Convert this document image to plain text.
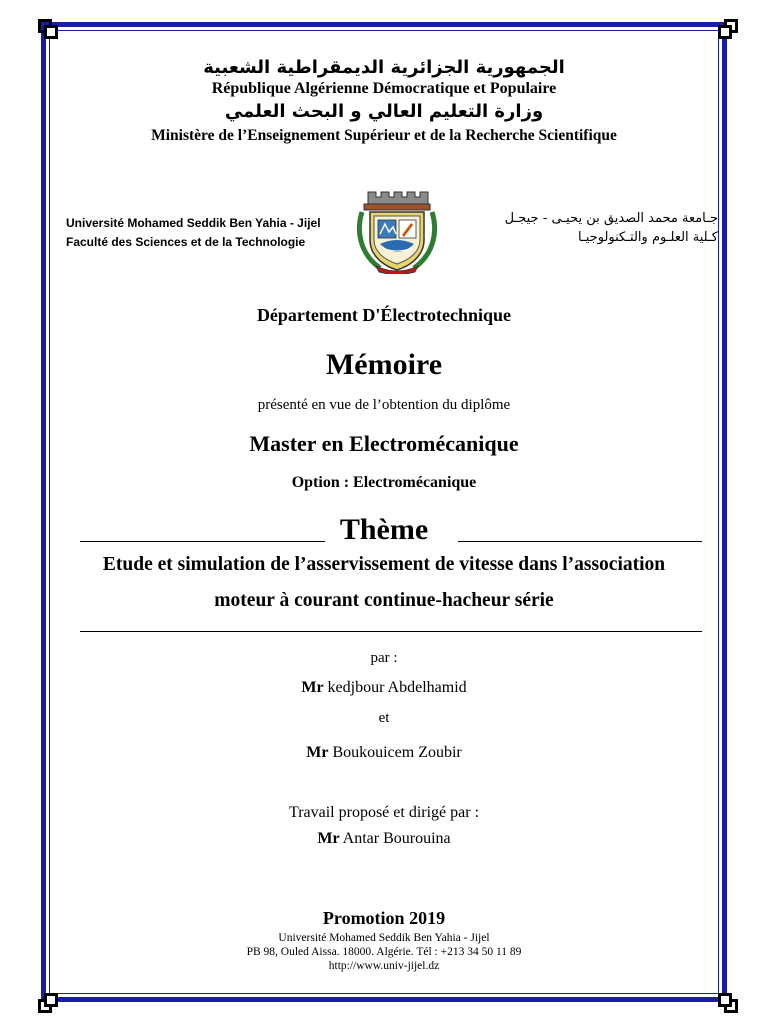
الجمهورية الجزائرية الديمقراطية الشعبية
République Algérienne Démocratique et Populaire
وزارة التعليم العالي و البحث العلمي
Ministère de l’Enseignement Supérieur et de la Recherche Scientifique
Université Mohamed Seddik Ben Yahia - Jijel
Faculté des Sciences et de la Technologie
جـامعة محمد الصديق بن يحيـى - جيجـل
كـلية العلـوم والتـكنولوجيـا
Département D'Électrotechnique
Mémoire
présenté en vue de l’obtention du diplôme
Master en Electromécanique
Option : Electromécanique
Thème
Etude et simulation de l’asservissement de vitesse dans l’association
moteur à courant continue-hacheur série
par :
Mr kedjbour Abdelhamid
et
Mr Boukouicem Zoubir
Travail proposé et dirigé par :
Mr Antar Bourouina
Promotion 2019
Université Mohamed Seddik Ben Yahia - Jijel
PB 98, Ouled Aissa. 18000. Algérie. Tél : +213 34 50 11 89
http://www.univ-jijel.dz
